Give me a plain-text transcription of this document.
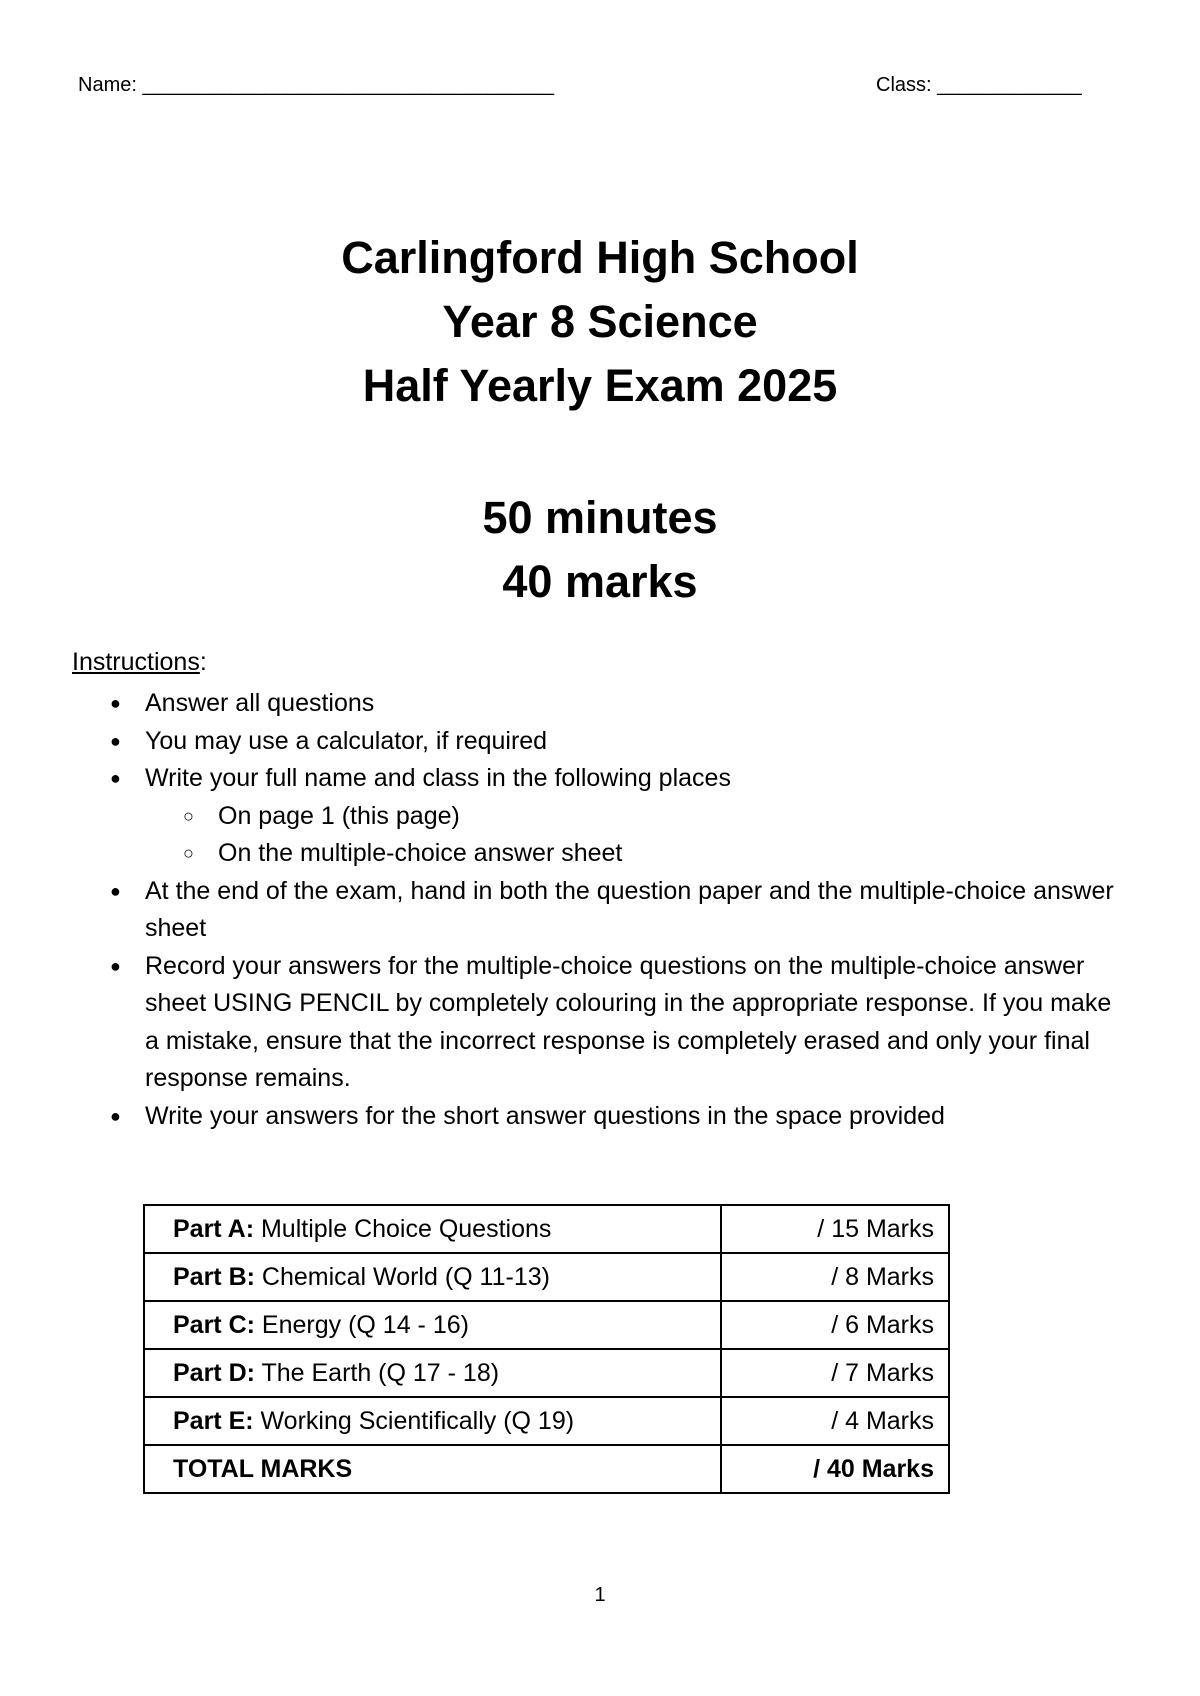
Name: _____________________________________	Class: _____________
Carlingford High School
Year 8 Science
Half Yearly Exam 2025
50 minutes
40 marks
Instructions:
● Answer all questions
● You may use a calculator, if required
● Write your full name and class in the following places
○ On page 1 (this page)
○ On the multiple-choice answer sheet
● At the end of the exam, hand in both the question paper and the multiple-choice answer sheet
● Record your answers for the multiple-choice questions on the multiple-choice answer sheet USING PENCIL by completely colouring in the appropriate response. If you make a mistake, ensure that the incorrect response is completely erased and only your final response remains.
● Write your answers for the short answer questions in the space provided
Part A: Multiple Choice Questions	/ 15 Marks
Part B: Chemical World (Q 11-13)	/ 8 Marks
Part C: Energy (Q 14 - 16)	/ 6 Marks
Part D: The Earth (Q 17 - 18)	/ 7 Marks
Part E: Working Scientifically (Q 19)	/ 4 Marks
TOTAL MARKS	/ 40 Marks
1
